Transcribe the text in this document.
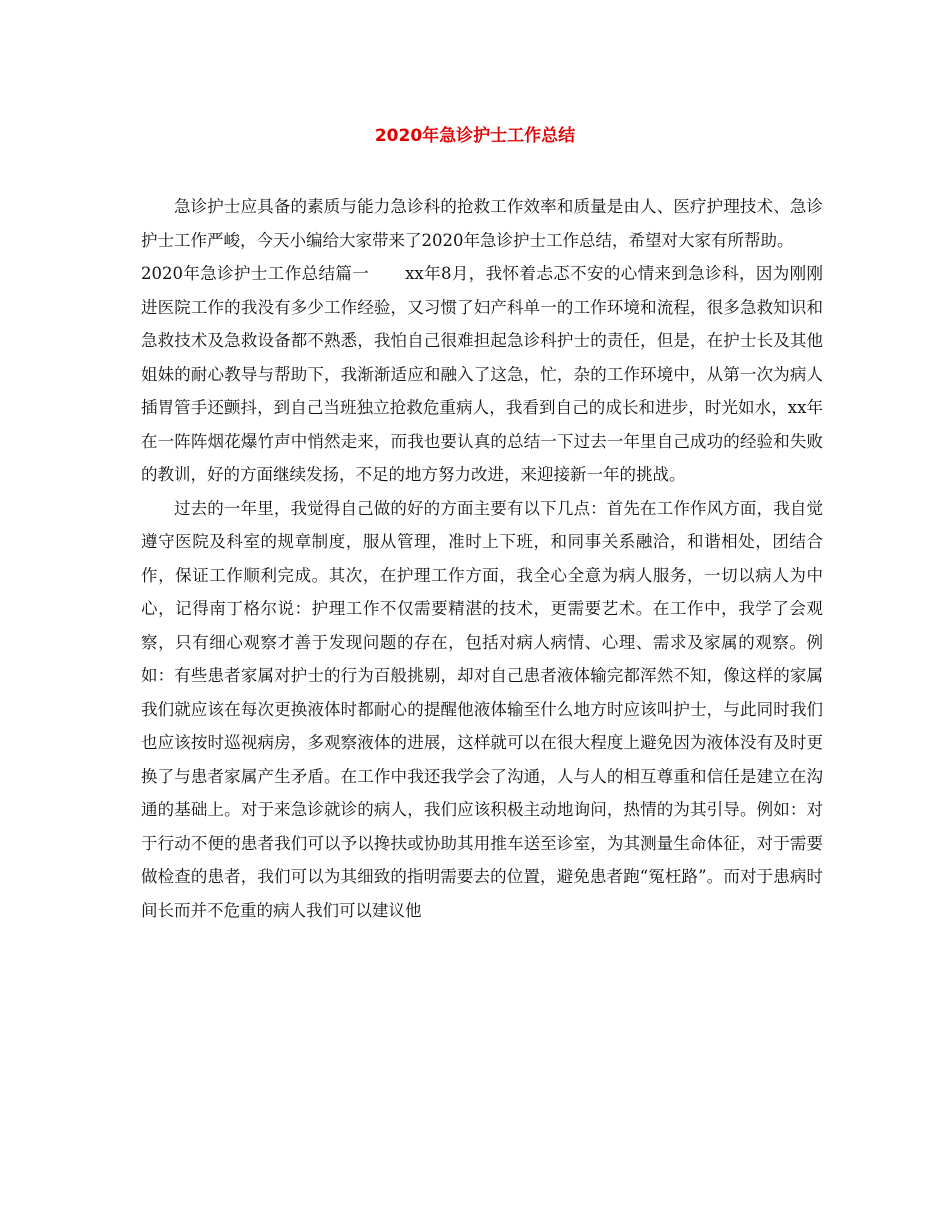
2020年急诊护士工作总结

急诊护士应具备的素质与能力急诊科的抢救工作效率和质量是由人、医疗护理技术、急诊护士工作严峻，今天小编给大家带来了2020年急诊护士工作总结，希望对大家有所帮助。

2020年急诊护士工作总结篇一 xx年8月，我怀着忐忑不安的心情来到急诊科，因为刚刚进医院工作的我没有多少工作经验，又习惯了妇产科单一的工作环境和流程，很多急救知识和急救技术及急救设备都不熟悉，我怕自己很难担起急诊科护士的责任，但是，在护士长及其他姐妹的耐心教导与帮助下，我渐渐适应和融入了这急，忙，杂的工作环境中，从第一次为病人插胃管手还颤抖，到自己当班独立抢救危重病人，我看到自己的成长和进步，时光如水，xx年在一阵阵烟花爆竹声中悄然走来，而我也要认真的总结一下过去一年里自己成功的经验和失败的教训，好的方面继续发扬，不足的地方努力改进，来迎接新一年的挑战。

过去的一年里，我觉得自己做的好的方面主要有以下几点：首先在工作作风方面，我自觉遵守医院及科室的规章制度，服从管理，准时上下班，和同事关系融洽，和谐相处，团结合作，保证工作顺利完成。其次，在护理工作方面，我全心全意为病人服务，一切以病人为中心，记得南丁格尔说：护理工作不仅需要精湛的技术，更需要艺术。在工作中，我学了会观察，只有细心观察才善于发现问题的存在，包括对病人病情、心理、需求及家属的观察。例如：有些患者家属对护士的行为百般挑剔，却对自己患者液体输完都浑然不知，像这样的家属我们就应该在每次更换液体时都耐心的提醒他液体输至什么地方时应该叫护士，与此同时我们也应该按时巡视病房，多观察液体的进展，这样就可以在很大程度上避免因为液体没有及时更换了与患者家属产生矛盾。在工作中我还我学会了沟通，人与人的相互尊重和信任是建立在沟通的基础上。对于来急诊就诊的病人，我们应该积极主动地询问，热情的为其引导。例如：对于行动不便的患者我们可以予以搀扶或协助其用推车送至诊室，为其测量生命体征，对于需要做检查的患者，我们可以为其细致的指明需要去的位置，避免患者跑“冤枉路”。而对于患病时间长而并不危重的病人我们可以建议他
